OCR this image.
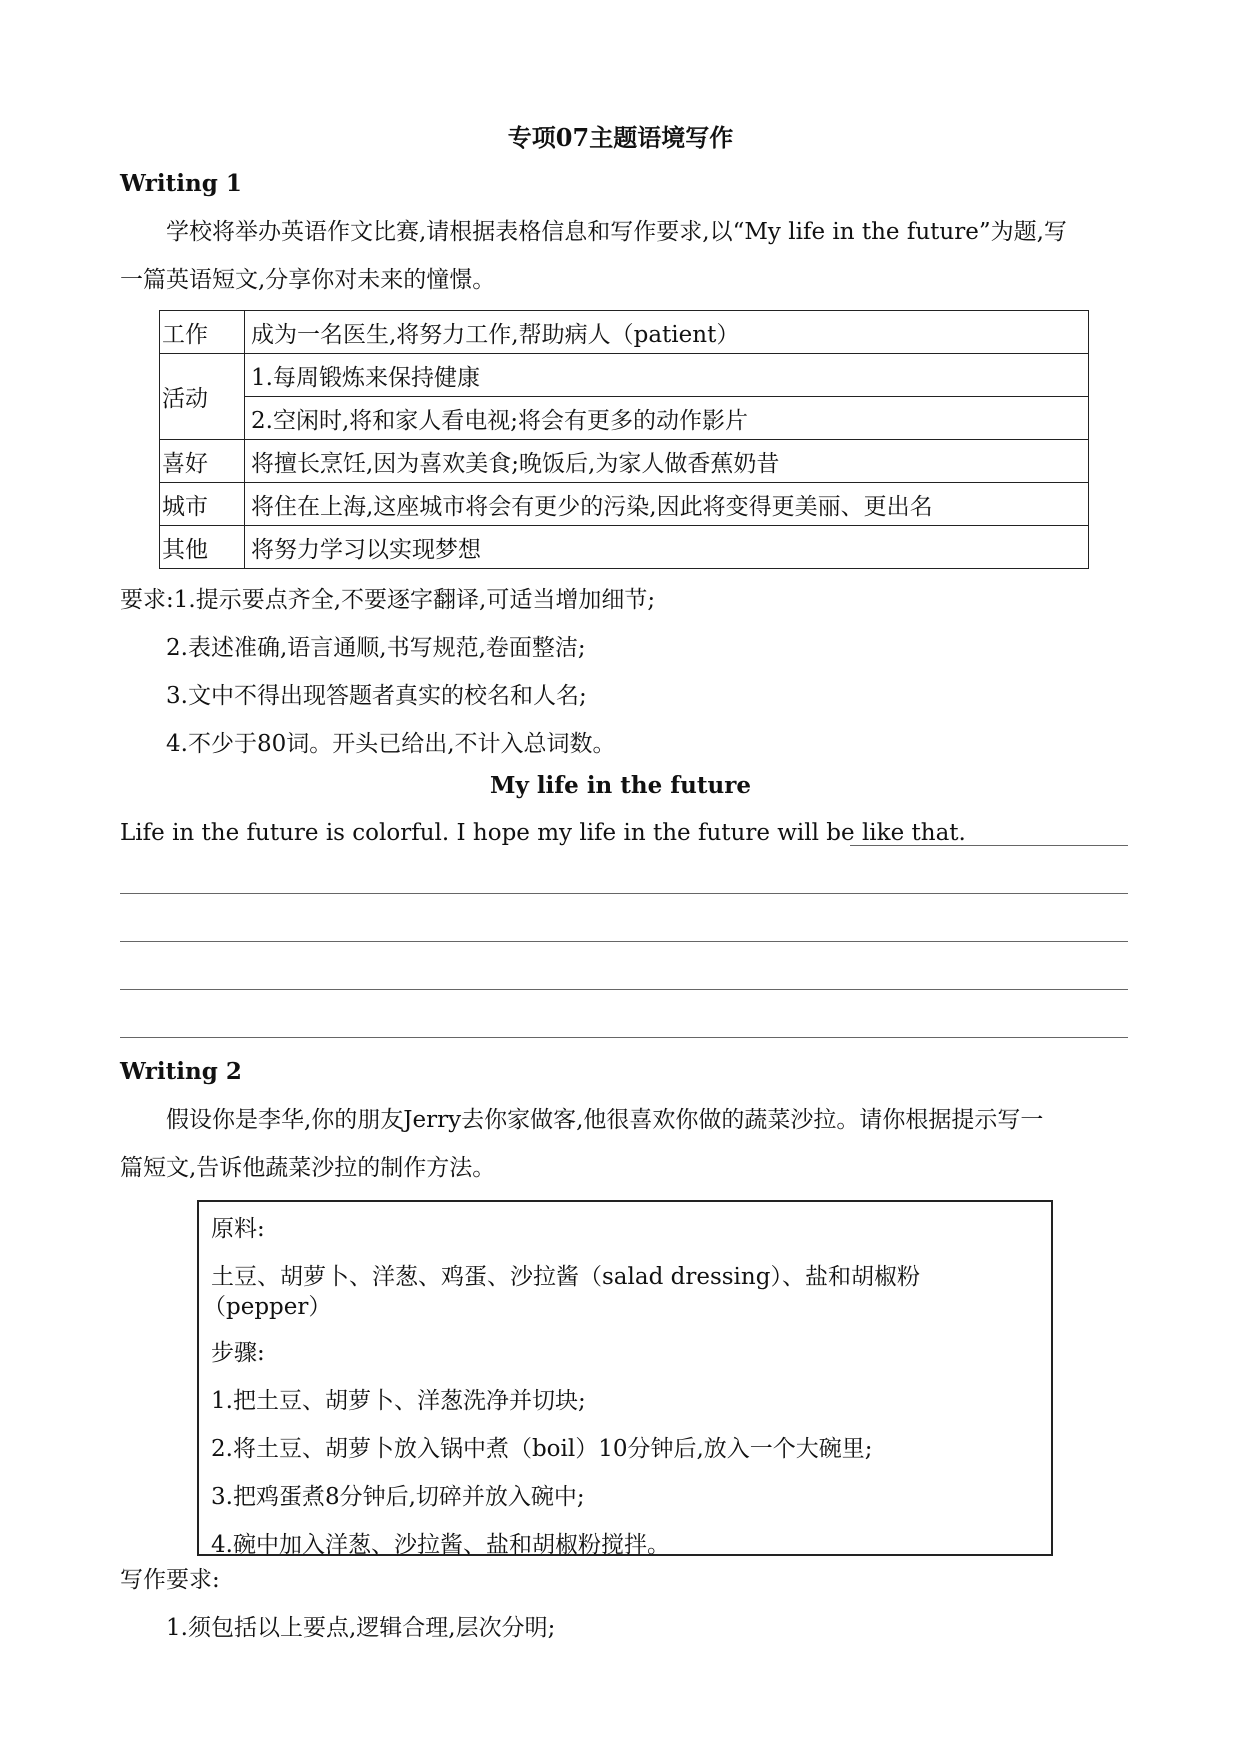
专项07主题语境写作
Writing 1
学校将举办英语作文比赛,请根据表格信息和写作要求,以“My life in the future”为题,写
一篇英语短文,分享你对未来的憧憬。
工作	成为一名医生,将努力工作,帮助病人（patient）
活动	1.每周锻炼来保持健康
	2.空闲时,将和家人看电视;将会有更多的动作影片
喜好	将擅长烹饪,因为喜欢美食;晚饭后,为家人做香蕉奶昔
城市	将住在上海,这座城市将会有更少的污染,因此将变得更美丽、更出名
其他	将努力学习以实现梦想
要求:1.提示要点齐全,不要逐字翻译,可适当增加细节;
2.表述准确,语言通顺,书写规范,卷面整洁;
3.文中不得出现答题者真实的校名和人名;
4.不少于80词。开头已给出,不计入总词数。
My life in the future
Life in the future is colorful. I hope my life in the future will be like that.
Writing 2
假设你是李华,你的朋友Jerry去你家做客,他很喜欢你做的蔬菜沙拉。请你根据提示写一
篇短文,告诉他蔬菜沙拉的制作方法。
原料:
土豆、胡萝卜、洋葱、鸡蛋、沙拉酱（salad dressing）、盐和胡椒粉
（pepper）
步骤:
1.把土豆、胡萝卜、洋葱洗净并切块;
2.将土豆、胡萝卜放入锅中煮（boil）10分钟后,放入一个大碗里;
3.把鸡蛋煮8分钟后,切碎并放入碗中;
4.碗中加入洋葱、沙拉酱、盐和胡椒粉搅拌。
写作要求:
1.须包括以上要点,逻辑合理,层次分明;
